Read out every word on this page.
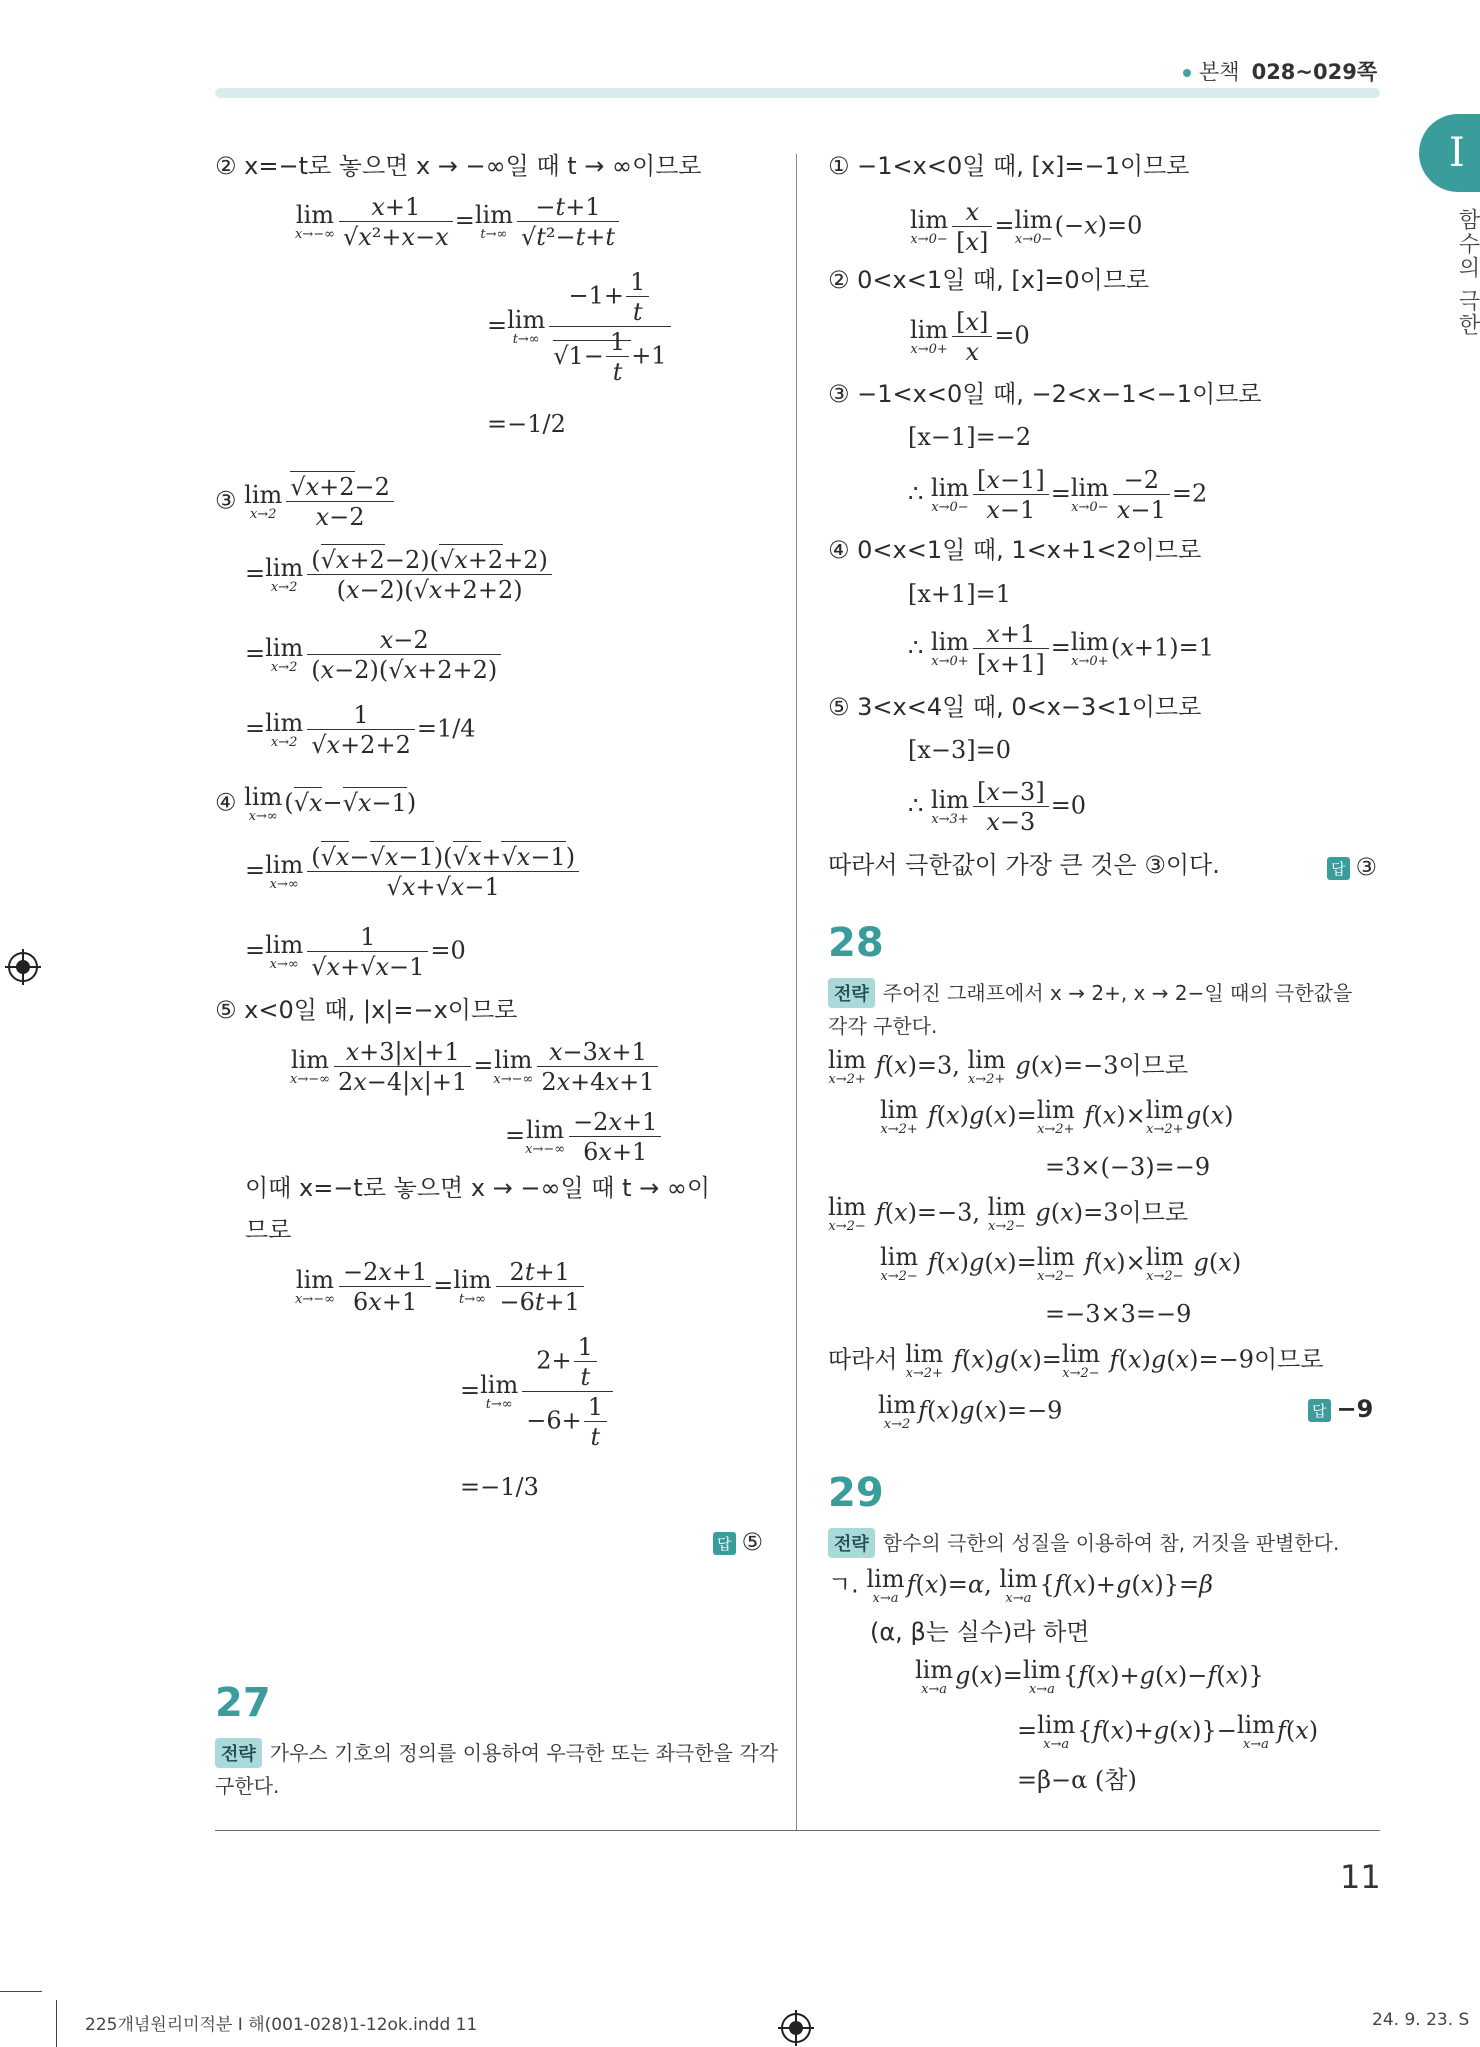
본책 028~029쪽
I
함수의 극한
11
② x=−t로 놓으면 x → −∞일 때 t → ∞이므로
lim
x→−∞ x+1
√ x²+x−x = lim
t→∞ −t+1
√ t²−t+t
= lim
$t\to\infty -1+ \frac{1}{t}$
√ $1- \frac{1}{t} +1$
=−1/2
③ lim
x→2 √ $\frac{x+2-2}{x-2}$
= lim
$x\to 2 \frac{( √ x+2-2)( √ x+2+2)}{(x-2)( √ x+2+2)}$
= lim
$x\to 2 \frac{x-2}{(x-2)( √ x+2+2)}$
= lim
x→2 1
√ x+2+2 =1/4
④ lim
x→∞ ( √ x− √ x−1)
= lim
x→∞ ( √ x− √ x−1)( √ x+ √ x−1)
√ x+ √ x−1
= lim
x→∞ 1
√ x+ √ x−1 =0
⑤ x<0일 때, |x|=−x이므로
lim
$x\to-\infty \frac{x+3|x|+1}{2x-4|x|+1} = \lim$
$x\to-\infty \frac{x-3x+1}{2x+4x+1}$
= lim
$x\to-\infty \frac{-2x+1}{6x+1}$
이때 x=−t로 놓으면 x → −∞일 때 t → ∞이
므로
lim
$x\to-\infty \frac{-2x+1}{6x+1} = \lim$
$t\to\infty \frac{2t+1}{-6t+1}$
= lim
$t\to\infty \frac{2+ \frac{1}{t}}{-6+ \frac{1}{t}}$
=−1/3
답 ⑤
27
전략 가우스 기호의 정의를 이용하여 우극한 또는 좌극한을 각각
구한다.
① −1<x<0일 때, [x]=−1이므로
lim
$x\to 0- \frac{x}{[x]} = \lim$
x→0− (−x)=0
② 0<x<1일 때, [x]=0이므로
lim
$x\to 0+ \frac{[x]}{x} =0$
③ −1<x<0일 때, −2<x−1<−1이므로
[x−1]=−2
∴ lim
$x\to 0- \frac{[x-1]}{x-1} = \lim$
$x\to 0- \frac{-2}{x-1} =2$
④ 0<x<1일 때, 1<x+1<2이므로
[x+1]=1
∴ lim
$x\to 0+ \frac{x+1}{[x+1]} = \lim$
x→0+ (x+1)=1
⑤ 3<x<4일 때, 0<x−3<1이므로
[x−3]=0
∴ lim
$x\to 3+ \frac{[x-3]}{x-3} =0$
따라서 극한값이 가장 큰 것은 ③이다.	답 ③
28
전략 주어진 그래프에서 x → 2+, x → 2−일 때의 극한값을
각각 구한다.
lim
x→2+ f(x)=3, lim
x→2+ g(x)=−3이므로
lim
x→2+ f(x)g(x)= lim
x→2+ f(x)× lim
x→2+ g(x)
=3×(−3)=−9
lim
x→2− f(x)=−3, lim
x→2− g(x)=3이므로
lim
x→2− f(x)g(x)= lim
x→2− f(x)× lim
x→2− g(x)
=−3×3=−9
따라서 lim
x→2+ f(x)g(x)= lim
x→2− f(x)g(x)=−9이므로
lim
x→2 f(x)g(x)=−9	답 −9
29
전략 함수의 극한의 성질을 이용하여 참, 거짓을 판별한다.
ㄱ. lim
x→a f(x)=α, lim
x→a {f(x)+g(x)}=β
(α, β는 실수)라 하면
lim
x→a g(x)= lim
x→a {f(x)+g(x)−f(x)}
= lim
x→a {f(x)+g(x)}− lim
x→a f(x)
=β−α (참)
225개념원리미적분 I 해(001-028)1-12ok.indd 11	24. 9. 23. S
